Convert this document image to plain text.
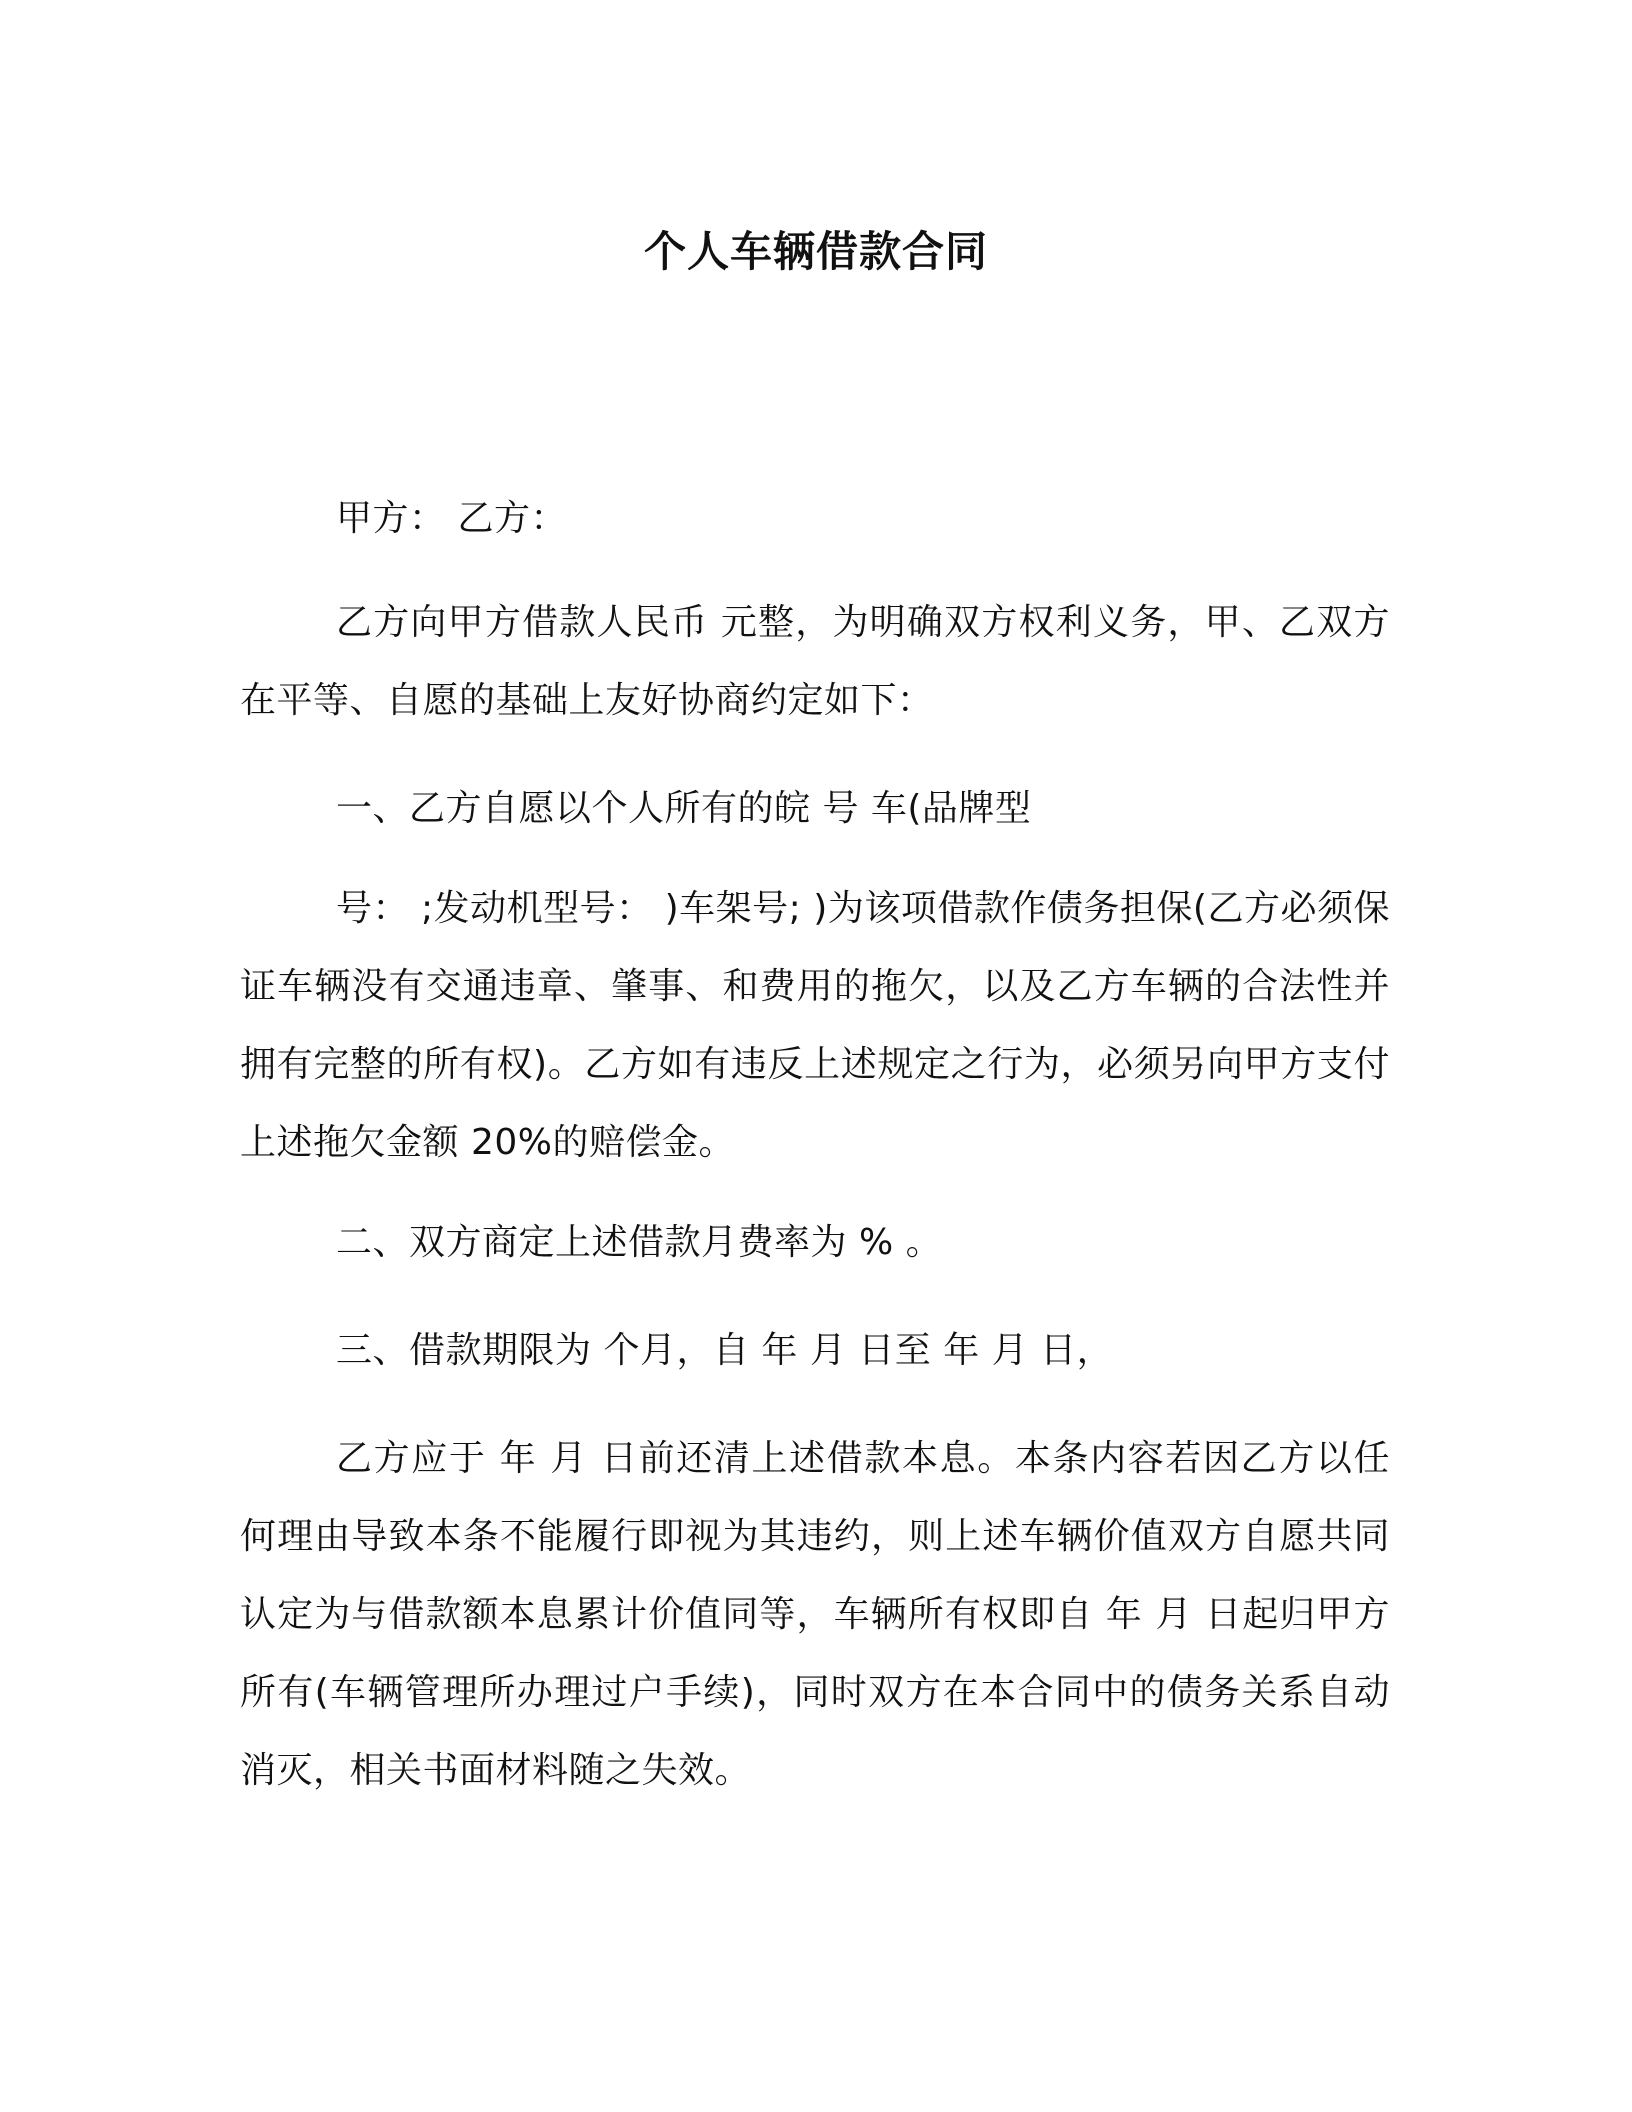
个人车辆借款合同

甲方： 乙方：

乙方向甲方借款人民币 元整，为明确双方权利义务，甲、乙双方在平等、自愿的基础上友好协商约定如下：

一、乙方自愿以个人所有的皖 号 车(品牌型

号： ;发动机型号： )车架号; )为该项借款作债务担保(乙方必须保证车辆没有交通违章、肇事、和费用的拖欠，以及乙方车辆的合法性并拥有完整的所有权)。乙方如有违反上述规定之行为，必须另向甲方支付上述拖欠金额 20%的赔偿金。

二、双方商定上述借款月费率为 % 。

三、借款期限为 个月，自 年 月 日至 年 月 日，

乙方应于 年 月 日前还清上述借款本息。本条内容若因乙方以任何理由导致本条不能履行即视为其违约，则上述车辆价值双方自愿共同认定为与借款额本息累计价值同等，车辆所有权即自 年 月 日起归甲方所有(车辆管理所办理过户手续)，同时双方在本合同中的债务关系自动消灭，相关书面材料随之失效。
